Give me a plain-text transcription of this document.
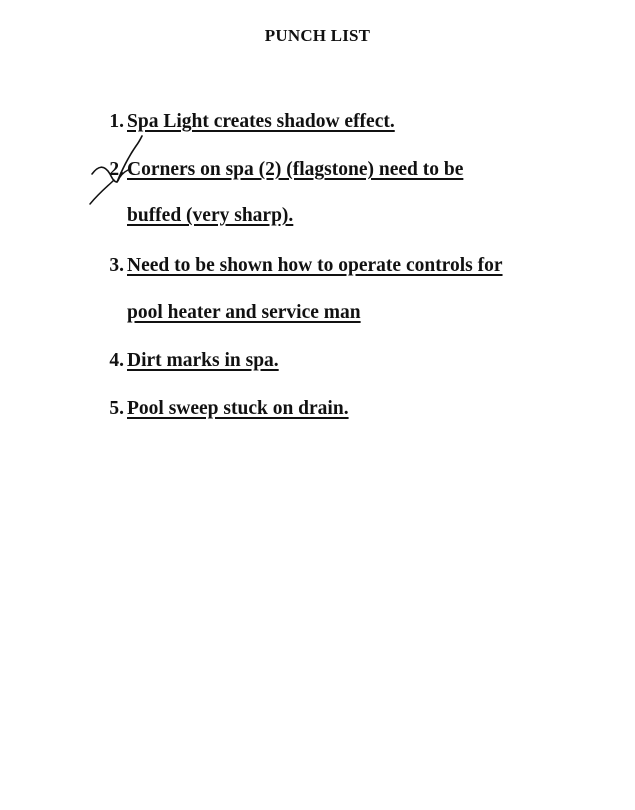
PUNCH LIST
1. Spa Light creates shadow effect.
2. Corners on spa (2) (flagstone) need to be
buffed (very sharp).
3. Need to be shown how to operate controls for
pool heater and service man
4. Dirt marks in spa.
5. Pool sweep stuck on drain.
